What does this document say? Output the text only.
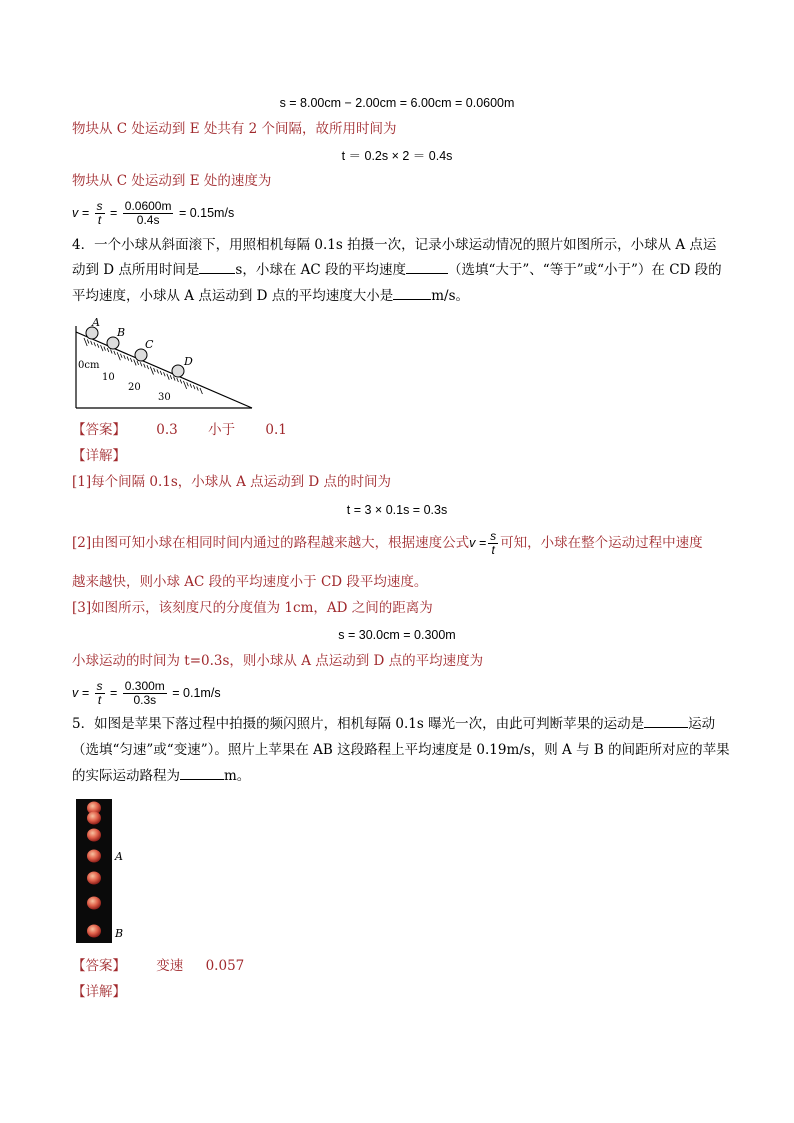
s = 8.00cm − 2.00cm = 6.00cm = 0.0600m
物块从 C 处运动到 E 处共有 2 个间隔，故所用时间为
t ＝ 0.2s × 2 ＝ 0.4s
物块从 C 处运动到 E 处的速度为
$v = \frac{s}{t} = \frac{0.0600m}{0.4s} = 0.15m/s$
4．一个小球从斜面滚下，用照相机每隔 0.1s 拍摄一次，记录小球运动情况的照片如图所示，小球从 A 点运
动到 D 点所用时间是	s，小球在 AC 段的平均速度	（选填“大于”、“等于”或“小于”）在 CD 段的
平均速度，小球从 A 点运动到 D 点的平均速度大小是	m/s。
A
B
C
D
0cm
10
20
30
【答案】 0.3 小于 0.1
【详解】
[1]每个间隔 0.1s，小球从 A 点运动到 D 点的时间为
t = 3 × 0.1s = 0.3s
[2]由图可知小球在相同时间内通过的路程越来越大，根据速度公式$v = \frac{s}{t}$ 可知，小球在整个运动过程中速度
越来越快，则小球 AC 段的平均速度小于 CD 段平均速度。
[3]如图所示，该刻度尺的分度值为 1cm，AD 之间的距离为
s = 30.0cm = 0.300m
小球运动的时间为 t=0.3s，则小球从 A 点运动到 D 点的平均速度为
$v = \frac{s}{t} = \frac{0.300m}{0.3s} = 0.1m/s$
5．如图是苹果下落过程中拍摄的频闪照片，相机每隔 0.1s 曝光一次，由此可判断苹果的运动是	运动
（选填“匀速”或“变速”）。照片上苹果在 AB 这段路程上平均速度是 0.19m/s，则 A 与 B 的间距所对应的苹果
的实际运动路程为	m。
A
B
【答案】 变速 0.057
【详解】
